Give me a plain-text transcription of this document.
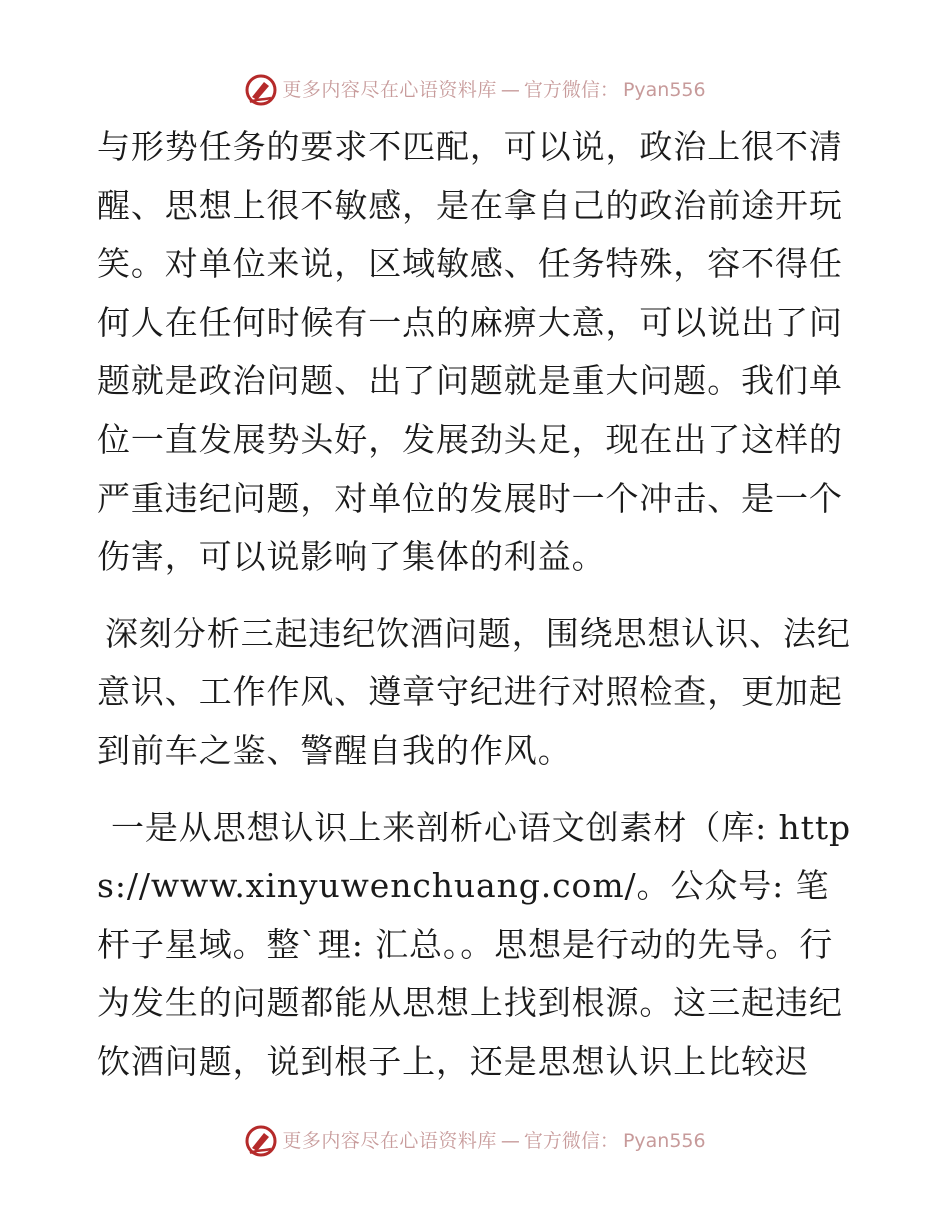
更多内容尽在心语资料库 — 官方微信： Pyan556

与形势任务的要求不匹配，可以说，政治上很不清醒、思想上很不敏感，是在拿自己的政治前途开玩笑。对单位来说，区域敏感、任务特殊，容不得任何人在任何时候有一点的麻痹大意，可以说出了问题就是政治问题、出了问题就是重大问题。我们单位一直发展势头好，发展劲头足，现在出了这样的严重违纪问题，对单位的发展时一个冲击、是一个伤害，可以说影响了集体的利益。

深刻分析三起违纪饮酒问题，围绕思想认识、法纪意识、工作作风、遵章守纪进行对照检查，更加起到前车之鉴、警醒自我的作风。

一是从思想认识上来剖析心语文创素材（库: https://www.xinyuwenchuang.com/。公众号: 笔杆子星域。整`理: 汇总。。思想是行动的先导。行为发生的问题都能从思想上找到根源。这三起违纪饮酒问题，说到根子上，还是思想认识上比较迟

更多内容尽在心语资料库 — 官方微信： Pyan556
